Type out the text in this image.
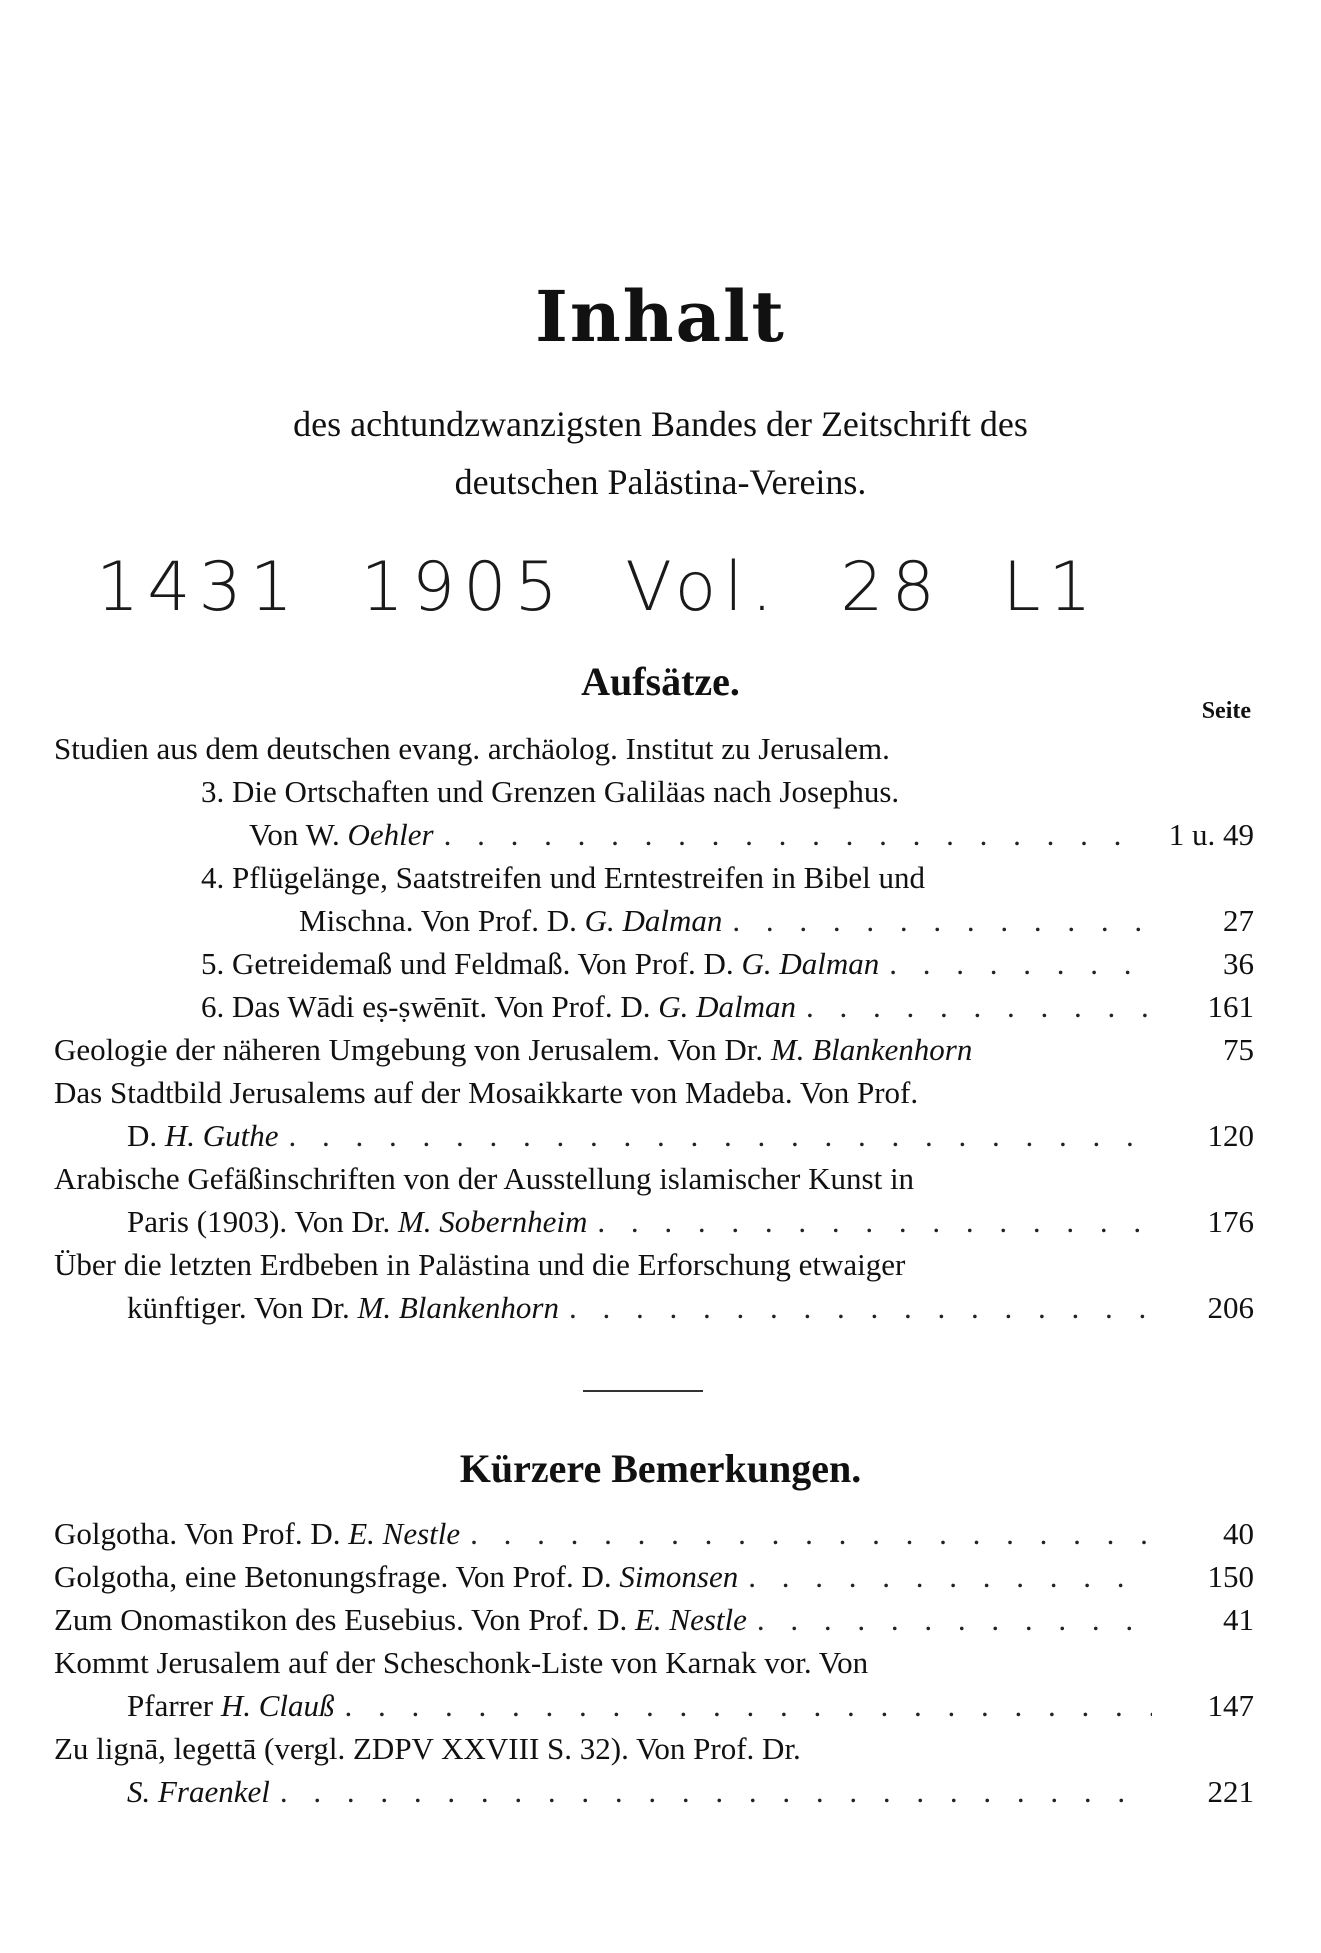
Inhalt
des achtundzwanzigsten Bandes der Zeitschrift des
deutschen Palästina-Vereins.
1431 1905 Vol. 28 L1
Aufsätze.
Seite
Studien aus dem deutschen evang. archäolog. Institut zu Jerusalem.
3. Die Ortschaften und Grenzen Galiläas nach Josephus.
Von W. Oehler . . .	1 u. 49
4. Pflügelänge, Saatstreifen und Erntestreifen in Bibel und
Mischna. Von Prof. D. G. Dalman . . .	27
5. Getreidemaß und Feldmaß. Von Prof. D. G. Dalman . . .	36
6. Das Wādi eṣ-ṣwēnīt. Von Prof. D. G. Dalman . . .	161
Geologie der näheren Umgebung von Jerusalem. Von Dr. M. Blankenhorn	75
Das Stadtbild Jerusalems auf der Mosaikkarte von Madeba. Von Prof.
D. H. Guthe . . .	120
Arabische Gefäßinschriften von der Ausstellung islamischer Kunst in
Paris (1903). Von Dr. M. Sobernheim . . .	176
Über die letzten Erdbeben in Palästina und die Erforschung etwaiger
künftiger. Von Dr. M. Blankenhorn . . .	206
Kürzere Bemerkungen.
Golgotha. Von Prof. D. E. Nestle . . .	40
Golgotha, eine Betonungsfrage. Von Prof. D. Simonsen . . .	150
Zum Onomastikon des Eusebius. Von Prof. D. E. Nestle . . .	41
Kommt Jerusalem auf der Scheschonk-Liste von Karnak vor. Von
Pfarrer H. Clauß . . .	147
Zu lignā, legettā (vergl. ZDPV XXVIII S. 32). Von Prof. Dr.
S. Fraenkel . . .	221
